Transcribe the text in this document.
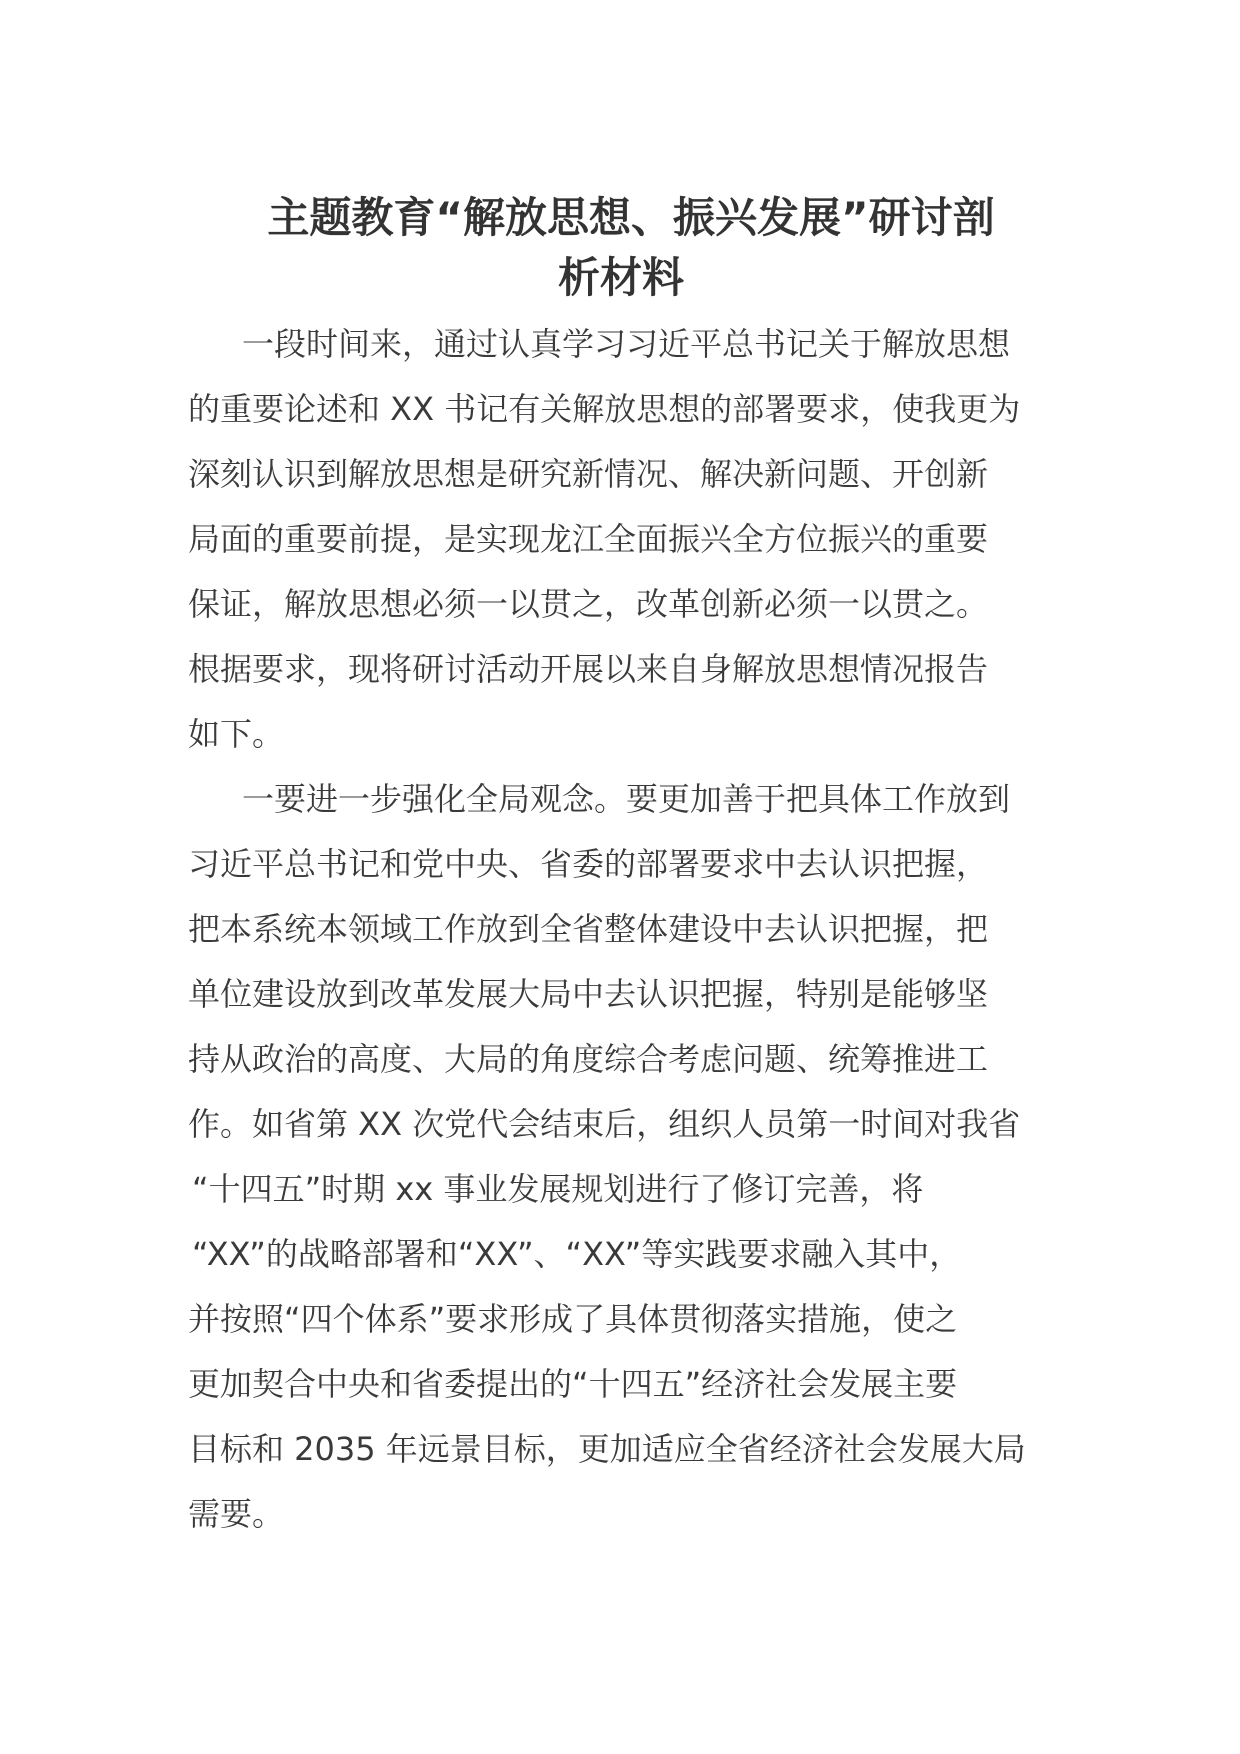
主题教育“解放思想、振兴发展”研讨剖

析材料

一段时间来，通过认真学习习近平总书记关于解放思想

的重要论述和 XX 书记有关解放思想的部署要求，使我更为

深刻认识到解放思想是研究新情况、解决新问题、开创新

局面的重要前提，是实现龙江全面振兴全方位振兴的重要

保证，解放思想必须一以贯之，改革创新必须一以贯之。

根据要求，现将研讨活动开展以来自身解放思想情况报告

如下。

一要进一步强化全局观念。要更加善于把具体工作放到

习近平总书记和党中央、省委的部署要求中去认识把握，

把本系统本领域工作放到全省整体建设中去认识把握，把

单位建设放到改革发展大局中去认识把握，特别是能够坚

持从政治的高度、大局的角度综合考虑问题、统筹推进工

作。如省第 XX 次党代会结束后，组织人员第一时间对我省

“十四五”时期 xx 事业发展规划进行了修订完善，将

“XX”的战略部署和“XX”、“XX”等实践要求融入其中，

并按照“四个体系”要求形成了具体贯彻落实措施，使之

更加契合中央和省委提出的“十四五”经济社会发展主要

目标和 2035 年远景目标，更加适应全省经济社会发展大局

需要。
